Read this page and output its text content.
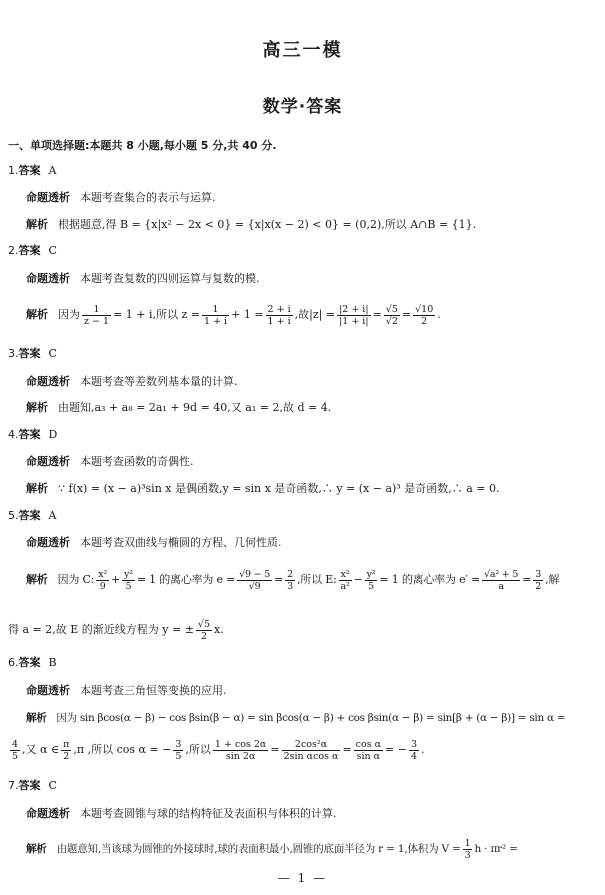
高三一模
数学·答案
一、单项选择题:本题共 8 小题,每小题 5 分,共 40 分.
1.答案 A
命题透析 本题考查集合的表示与运算.
解析 根据题意,得 B = {x|x² − 2x < 0} = {x|x(x − 2) < 0} = (0,2),所以 A∩B = {1}.
2.答案 C
命题透析 本题考查复数的四则运算与复数的模.
解析 因为 $\frac{1}{z - 1} = 1 + i$,所以 $z = \frac{1}{1 + i} + 1 = \frac{2 + i}{1 + i}$ ,故$|z| = \frac{|2 + i|}{|1 + i|} = \frac{√5}{√2} = \frac{√10}{2}$ .
3.答案 C
命题透析 本题考查等差数列基本量的计算.
解析 由题知,a₃ + a₈ = 2a₁ + 9d = 40,又 a₁ = 2,故 d = 4.
4.答案 D
命题透析 本题考查函数的奇偶性.
解析 ∵ f(x) = (x − a)³sin x 是偶函数,y = sin x 是奇函数,∴ y = (x − a)³ 是奇函数,∴ a = 0.
5.答案 A
命题透析 本题考查双曲线与椭圆的方程、几何性质.
解析 因为 C: $\frac{\text{x²}}{9} + \frac{\text{y²}}{5} = 1$ 的离心率为 $e = \frac{√9 - 5}{√9} = \frac{2}{3}$ ,所以 E: $\frac{\text{x²}}{\text{a²}} - \frac{\text{y²}}{5} = 1$ 的离心率为 $e' = \frac{\text{√a² + 5}}{a} = \frac{3}{2}$ ,解
得 a = 2,故 E 的渐近线方程为 y = ± $\frac{√5}{2} x$.
6.答案 B
命题透析 本题考查三角恒等变换的应用.
解析 因为 sin βcos(α − β) − cos βsin(β − α) = sin βcos(α − β) + cos βsin(α − β) = sin[β + (α − β)] = sin α =
$\frac{4}{5}$ ,又 α ∈ $\frac{\pi}{2} ,\pi$ ,所以 cos α = − $\frac{3}{5}$ ,所以 $\frac{1 + \cos 2\alpha}{\sin 2\alpha} = \frac{\text{2cos²α}}{\text{2sin αcos α}} = \frac{\text{cos α}}{\text{sin α}}$ = − $\frac{3}{4}$ .
7.答案 C
命题透析 本题考查圆锥与球的结构特征及表面积与体积的计算.
解析 由题意知,当该球为圆锥的外接球时,球的表面积最小,圆锥的底面半径为 r = 1,体积为 $V = \frac{1}{3}$ h · πr² =
— 1 —
